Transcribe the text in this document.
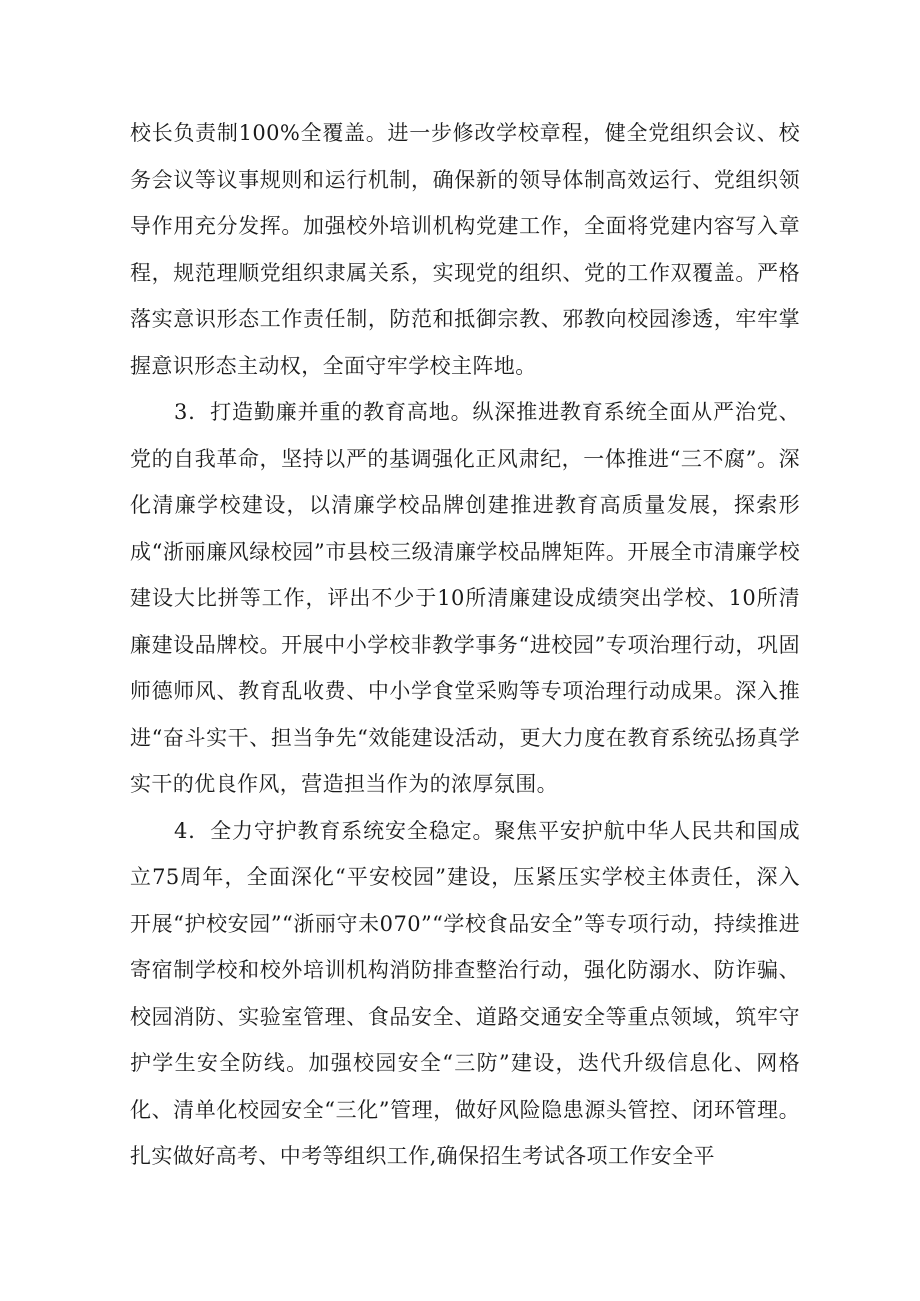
校长负责制100%全覆盖。进一步修改学校章程，健全党组织会议、校务会议等议事规则和运行机制，确保新的领导体制高效运行、党组织领导作用充分发挥。加强校外培训机构党建工作，全面将党建内容写入章程，规范理顺党组织隶属关系，实现党的组织、党的工作双覆盖。严格落实意识形态工作责任制，防范和抵御宗教、邪教向校园渗透，牢牢掌握意识形态主动权，全面守牢学校主阵地。

3．打造勤廉并重的教育高地。纵深推进教育系统全面从严治党、党的自我革命，坚持以严的基调强化正风肃纪，一体推进“三不腐”。深化清廉学校建设，以清廉学校品牌创建推进教育高质量发展，探索形成“浙丽廉风绿校园”市县校三级清廉学校品牌矩阵。开展全市清廉学校建设大比拼等工作，评出不少于10所清廉建设成绩突出学校、10所清廉建设品牌校。开展中小学校非教学事务“进校园”专项治理行动，巩固师德师风、教育乱收费、中小学食堂采购等专项治理行动成果。深入推进“奋斗实干、担当争先“效能建设活动，更大力度在教育系统弘扬真学实干的优良作风，营造担当作为的浓厚氛围。

4．全力守护教育系统安全稳定。聚焦平安护航中华人民共和国成立75周年，全面深化“平安校园”建设，压紧压实学校主体责任，深入开展“护校安园”“浙丽守未070”“学校食品安全”等专项行动，持续推进寄宿制学校和校外培训机构消防排查整治行动，强化防溺水、防诈骗、校园消防、实验室管理、食品安全、道路交通安全等重点领域，筑牢守护学生安全防线。加强校园安全“三防”建设，迭代升级信息化、网格化、清单化校园安全“三化”管理，做好风险隐患源头管控、闭环管理。扎实做好高考、中考等组织工作,确保招生考试各项工作安全平
